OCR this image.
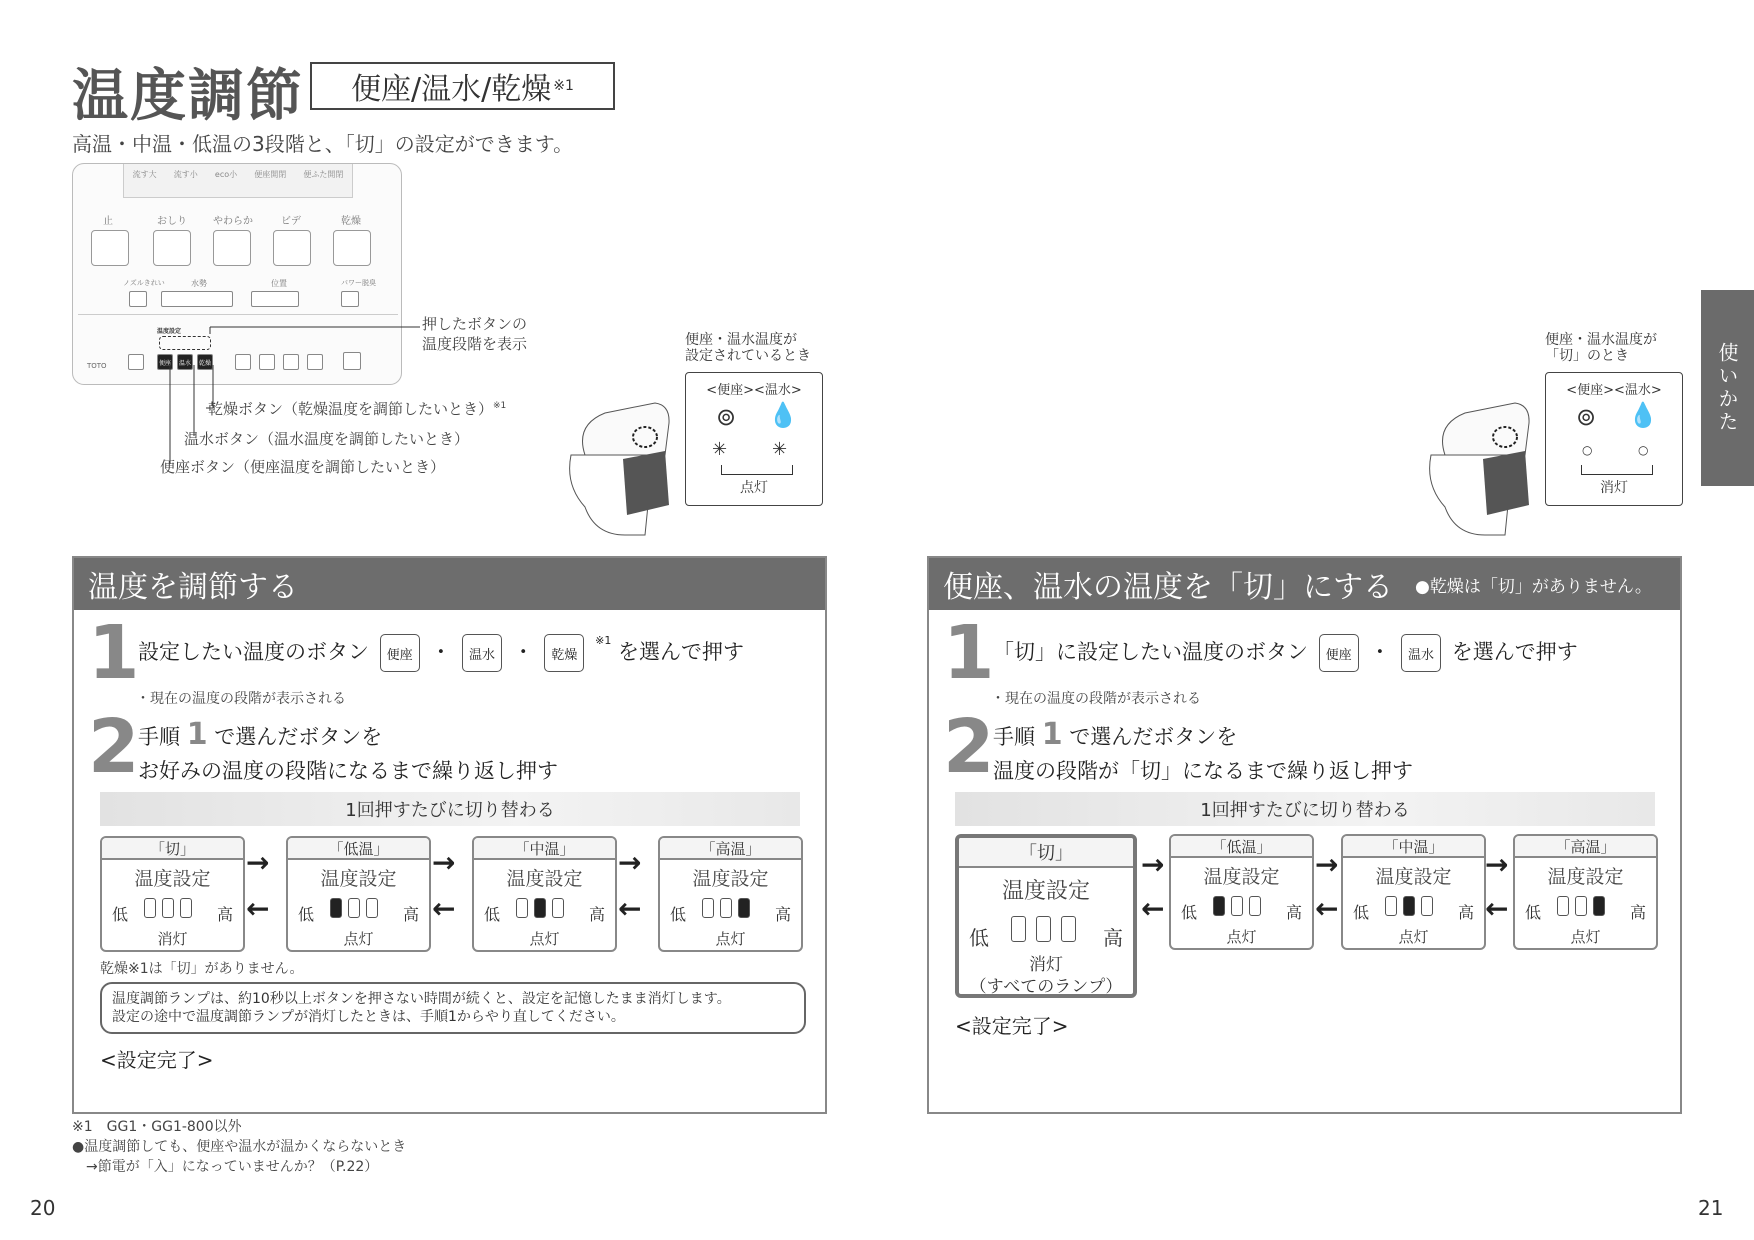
温度調節 便座/温水/乾燥 ※1
高温・中温・低温の3段階と、「切」の設定ができます。
流す大 流す小 eco小 便座開閉 便ふた開閉
止	おしり	やわらか	ビデ	乾燥
ノズルきれい	水勢	位置	パワー脱臭
温度設定
TOTO	便座	温水	乾燥
押したボタンの
温度段階を表示
乾燥ボタン（乾燥温度を調節したいとき）$^{※1}$
温水ボタン（温水温度を調節したいとき）
便座ボタン（便座温度を調節したいとき）
便座・温水温度が
設定されているとき
<便座><温水>
⊚ 💧
✳ ✳
点灯
温度を調節する
1
設定したい温度のボタン 便座 ・ 温水 ・ 乾燥 $^{※1}$ を選んで押す
・現在の温度の段階が表示される
2
手順 1 で選んだボタンを
お好みの温度の段階になるまで繰り返し押す
1回押すたびに切り替わる
「切」
温度設定
低	高
消灯
「低温」
温度設定
低	高
点灯
「中温」
温度設定
低	高
点灯
「高温」
温度設定
低	高
点灯
→
←
→
←
→
←
乾燥※1は「切」がありません。
温度調節ランプは、約10秒以上ボタンを押さない時間が続くと、設定を記憶したまま消灯します。
設定の途中で温度調節ランプが消灯したときは、手順1からやり直してください。
<設定完了>
※1　GG1・GG1-800以外
●温度調節しても、便座や温水が温かくならないとき
　→節電が「入」になっていませんか？（P.22）
20
使いかた
便座・温水温度が
「切」のとき
<便座><温水>
⊚ 💧
○	○
消灯
便座、温水の温度を「切」にする ●乾燥は「切」がありません。
1
「切」に設定したい温度のボタン 便座 ・ 温水 を選んで押す
・現在の温度の段階が表示される
2
手順 1 で選んだボタンを
温度の段階が「切」になるまで繰り返し押す
1回押すたびに切り替わる
「切」
温度設定
低	高
消灯
（すべてのランプ）
「低温」
温度設定
低	高
点灯
「中温」
温度設定
低	高
点灯
「高温」
温度設定
低	高
点灯
→
←
→
←
→
←
<設定完了>
21
